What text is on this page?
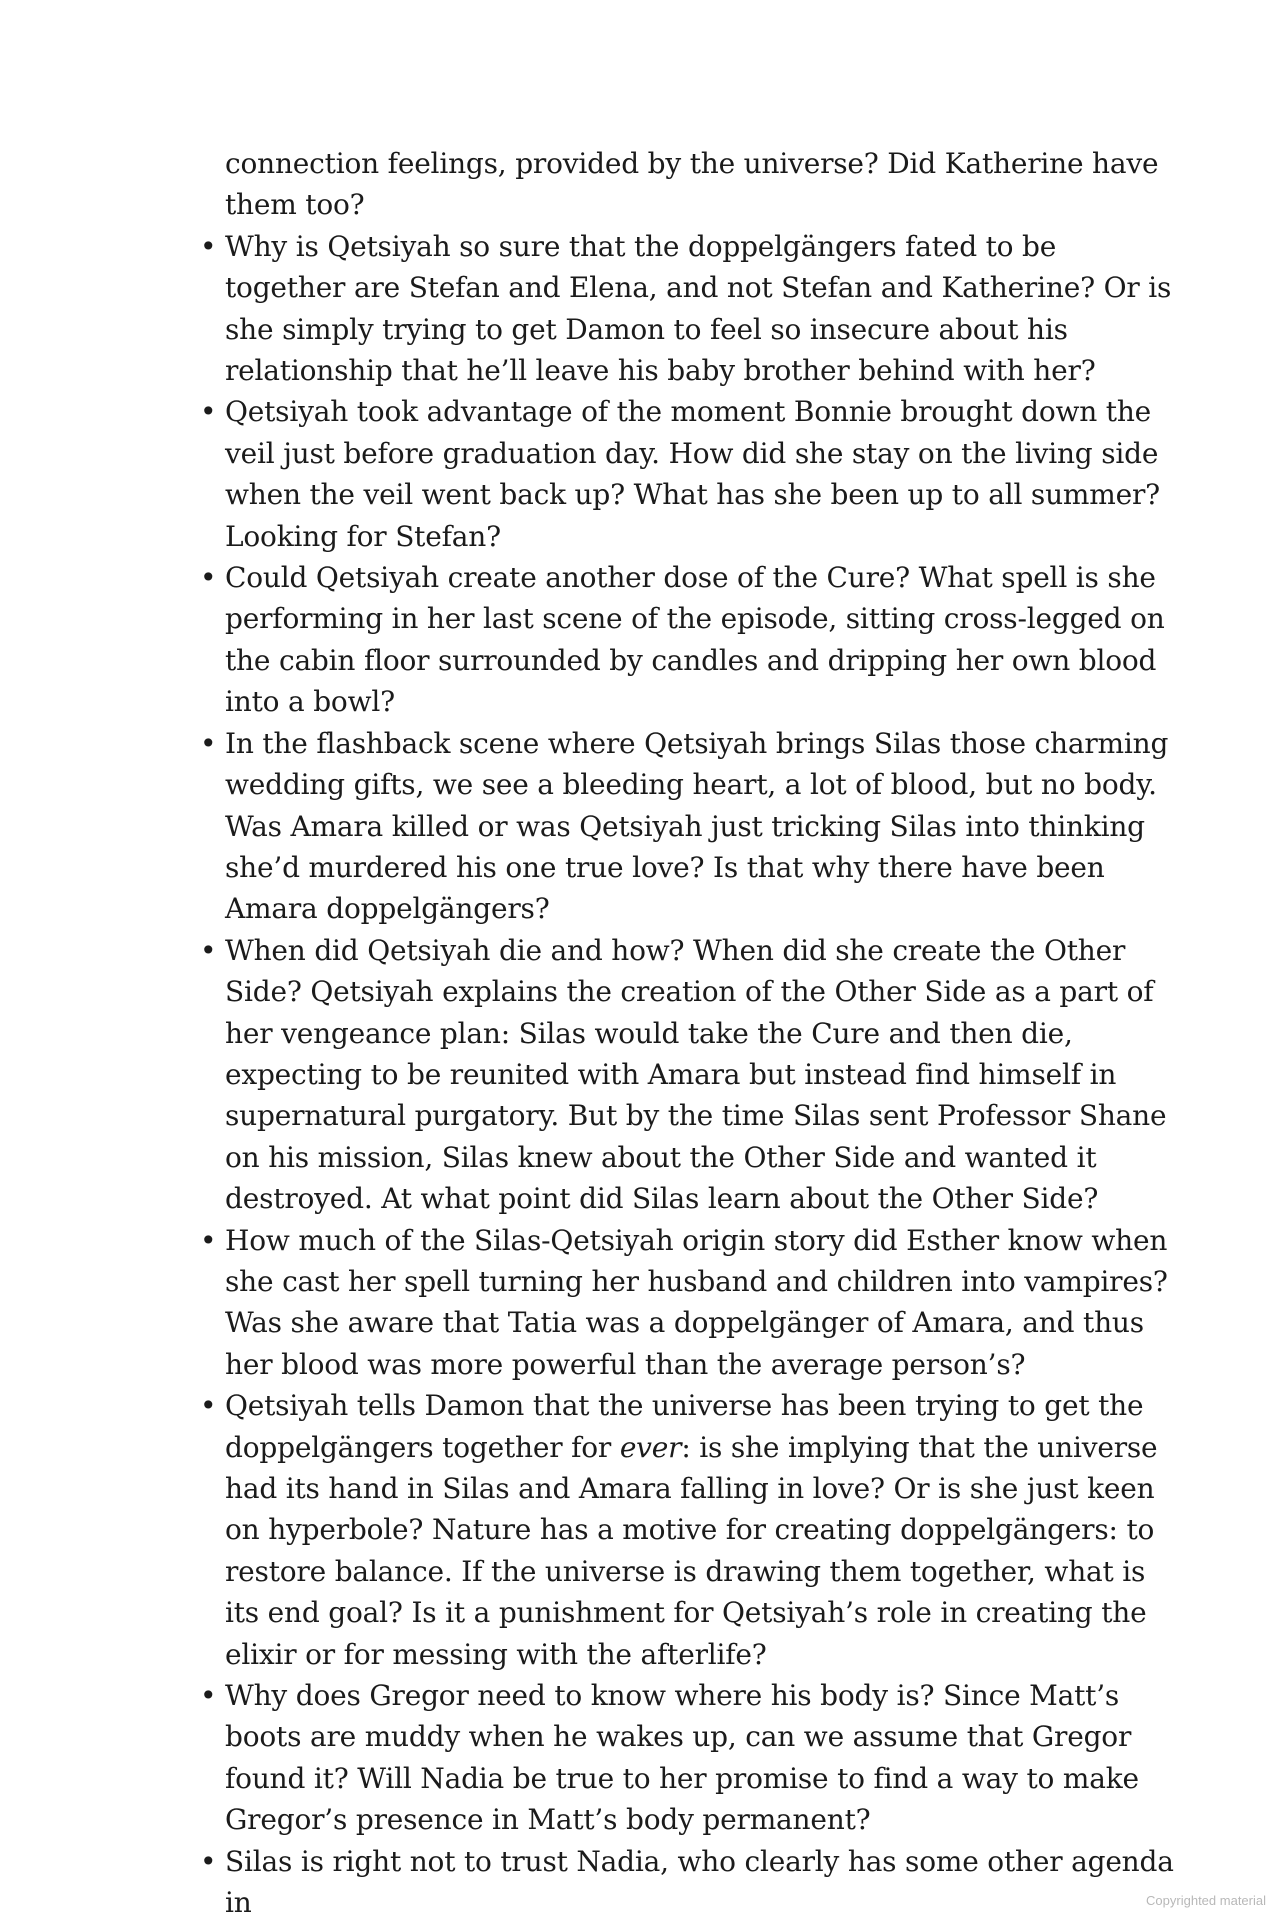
connection feelings, provided by the universe? Did Katherine have them too?

• Why is Qetsiyah so sure that the doppelgängers fated to be together are Stefan and Elena, and not Stefan and Katherine? Or is she simply trying to get Damon to feel so insecure about his relationship that he’ll leave his baby brother behind with her?
• Qetsiyah took advantage of the moment Bonnie brought down the veil just before graduation day. How did she stay on the living side when the veil went back up? What has she been up to all summer? Looking for Stefan?
• Could Qetsiyah create another dose of the Cure? What spell is she performing in her last scene of the episode, sitting cross-legged on the cabin floor surrounded by candles and dripping her own blood into a bowl?
• In the flashback scene where Qetsiyah brings Silas those charming wedding gifts, we see a bleeding heart, a lot of blood, but no body. Was Amara killed or was Qetsiyah just tricking Silas into thinking she’d murdered his one true love? Is that why there have been Amara doppelgängers?
• When did Qetsiyah die and how? When did she create the Other Side? Qetsiyah explains the creation of the Other Side as a part of her vengeance plan: Silas would take the Cure and then die, expecting to be reunited with Amara but instead find himself in supernatural purgatory. But by the time Silas sent Professor Shane on his mission, Silas knew about the Other Side and wanted it destroyed. At what point did Silas learn about the Other Side?
• How much of the Silas-Qetsiyah origin story did Esther know when she cast her spell turning her husband and children into vampires? Was she aware that Tatia was a doppelgänger of Amara, and thus her blood was more powerful than the average person’s?
• Qetsiyah tells Damon that the universe has been trying to get the doppelgängers together for ever: is she implying that the universe had its hand in Silas and Amara falling in love? Or is she just keen on hyperbole? Nature has a motive for creating doppelgängers: to restore balance. If the universe is drawing them together, what is its end goal? Is it a punishment for Qetsiyah’s role in creating the elixir or for messing with the afterlife?
• Why does Gregor need to know where his body is? Since Matt’s boots are muddy when he wakes up, can we assume that Gregor found it? Will Nadia be true to her promise to find a way to make Gregor’s presence in Matt’s body permanent?
• Silas is right not to trust Nadia, who clearly has some other agenda in	Copyrighted material
